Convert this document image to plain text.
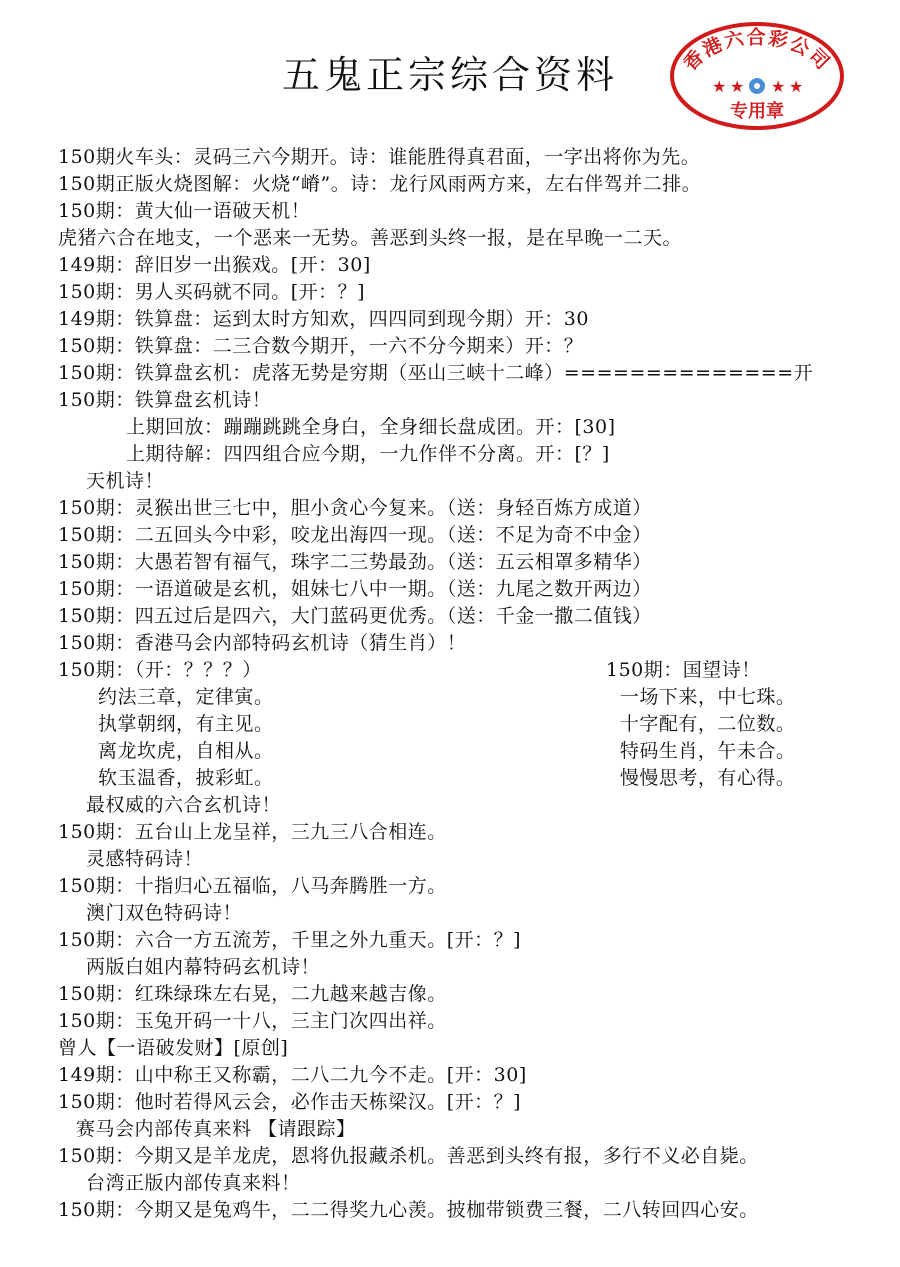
五鬼正宗综合资料	香港六合彩公司
★ ★ ★ ★
专用章
150期火车头：灵码三六今期开。诗：谁能胜得真君面，一字出将你为先。
150期正版火烧图解：火烧“嵴”。诗：龙行风雨两方来，左右伴驾并二排。
150期：黄大仙一语破天机！
虎猪六合在地支，一个恶来一无势。善恶到头终一报，是在早晚一二天。
149期：辞旧岁一出猴戏。[开：30]
150期：男人买码就不同。[开：？]
149期：铁算盘：运到太时方知欢，四四同到现今期）开：30
150期：铁算盘：二三合数今期开，一六不分今期来）开：？
150期：铁算盘玄机：虎落无势是穷期（巫山三峡十二峰）==============开
150期：铁算盘玄机诗！
上期回放：蹦蹦跳跳全身白，全身细长盘成团。开：[30]
上期待解：四四组合应今期，一九作伴不分离。开：[？]
天机诗！
150期：灵猴出世三七中，胆小贪心今复来。（送：身轻百炼方成道）
150期：二五回头今中彩，咬龙出海四一现。（送：不足为奇不中金）
150期：大愚若智有福气，珠字二三势最劲。（送：五云相罩多精华）
150期：一语道破是玄机，姐妹七八中一期。（送：九尾之数开两边）
150期：四五过后是四六，大门蓝码更优秀。（送：千金一撒二值钱）
150期：香港马会内部特码玄机诗（猜生肖）！
150期：（开：？？？）	150期：国望诗！
约法三章，定律寅。	一场下来，中七珠。
执掌朝纲，有主见。	十字配有，二位数。
离龙坎虎，自相从。	特码生肖，午未合。
软玉温香，披彩虹。	慢慢思考，有心得。
最权威的六合玄机诗！
150期：五台山上龙呈祥，三九三八合相连。
灵感特码诗！
150期：十指归心五福临，八马奔腾胜一方。
澳门双色特码诗！
150期：六合一方五流芳，千里之外九重天。[开：？]
两版白姐内幕特码玄机诗！
150期：红珠绿珠左右晃，二九越来越吉像。
150期：玉兔开码一十八，三主门次四出祥。
曾人【一语破发财】[原创]
149期：山中称王又称霸，二八二九今不走。[开：30]
150期：他时若得风云会，必作击天栋梁汉。[开：？]
赛马会内部传真来料 【请跟踪】
150期：今期又是羊龙虎，恩将仇报藏杀机。善恶到头终有报，多行不义必自毙。
台湾正版内部传真来料！
150期：今期又是兔鸡牛，二二得奖九心羡。披枷带锁费三餐，二八转回四心安。
